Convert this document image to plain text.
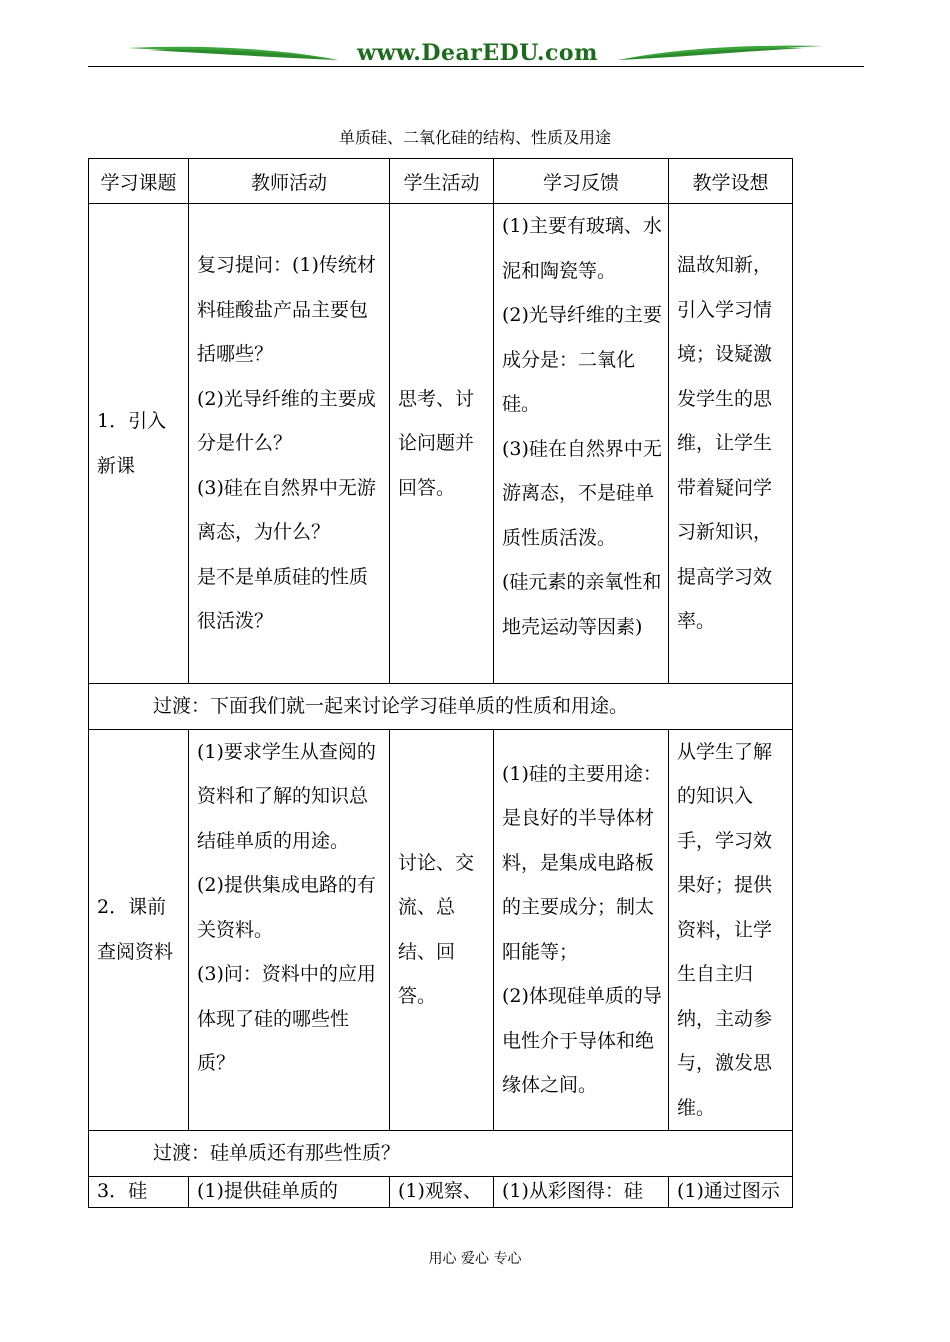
www.DearEDU.com
单质硅、二氧化硅的结构、性质及用途
学习课题	教师活动	学生活动	学习反馈	教学设想
1．引入新课	复习提问：(1)传统材料硅酸盐产品主要包括哪些？
(2)光导纤维的主要成分是什么？
(3)硅在自然界中无游离态，为什么？
是不是单质硅的性质很活泼？	思考、讨论问题并回答。	(1)主要有玻璃、水泥和陶瓷等。
(2)光导纤维的主要成分是：二氧化硅。
(3)硅在自然界中无游离态，不是硅单质性质活泼。
(硅元素的亲氧性和地壳运动等因素)	温故知新，引入学习情境；设疑激发学生的思维，让学生带着疑问学习新知识，提高学习效率。
过渡：下面我们就一起来讨论学习硅单质的性质和用途。				
2．课前查阅资料	(1)要求学生从查阅的资料和了解的知识总结硅单质的用途。
(2)提供集成电路的有关资料。
(3)问：资料中的应用体现了硅的哪些性质？	讨论、交流、总结、回答。	(1)硅的主要用途：是良好的半导体材料，是集成电路板的主要成分；制太阳能等；
(2)体现硅单质的导电性介于导体和绝缘体之间。	从学生了解的知识入手，学习效果好；提供资料，让学生自主归纳，主动参与，激发思维。
过渡：硅单质还有那些性质？				
3．硅	(1)提供硅单质的	(1)观察、	(1)从彩图得：硅	(1)通过图示
用心 爱心 专心
